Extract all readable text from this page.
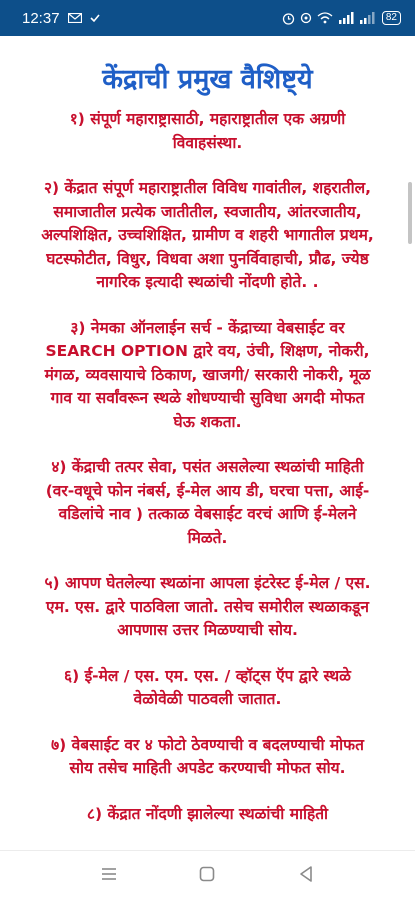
12:37	82
केंद्राची प्रमुख वैशिष्ट्ये
१) संपूर्ण महाराष्ट्रासाठी, महाराष्ट्रातील एक अग्रणी विवाहसंस्था.
२) केंद्रात संपूर्ण महाराष्ट्रातील विविध गावांतील, शहरातील, समाजातील प्रत्येक जातीतील, स्वजातीय, आंतरजातीय, अल्पशिक्षित, उच्चशिक्षित, ग्रामीण व शहरी भागातील प्रथम, घटस्फोटीत, विधुर, विधवा अशा पुनर्विवाहाची, प्रौढ, ज्येष्ठ नागरिक इत्यादी स्थळांची नोंदणी होते. .
३) नेमका ऑनलाईन सर्च - केंद्राच्या वेबसाईट वर SEARCH OPTION द्वारे वय, उंची, शिक्षण, नोकरी, मंगळ, व्यवसायाचे ठिकाण, खाजगी/ सरकारी नोकरी, मूळ गाव या सर्वांवरून स्थळे शोधण्याची सुविधा अगदी मोफत घेऊ शकता.
४) केंद्राची तत्पर सेवा, पसंत असलेल्या स्थळांची माहिती (वर-वधूचे फोन नंबर्स, ई-मेल आय डी, घरचा पत्ता, आई-वडिलांचे नाव ) तत्काळ वेबसाईट वरचं आणि ई-मेलने मिळते.
५) आपण घेतलेल्या स्थळांना आपला इंटरेस्ट ई-मेल / एस. एम. एस. द्वारे पाठविला जातो. तसेच समोरील स्थळाकडून आपणास उत्तर मिळण्याची सोय.
६) ई-मेल / एस. एम. एस. / व्हॉट्स ऍप द्वारे स्थळे वेळोवेळी पाठवली जातात.
७) वेबसाईट वर ४ फोटो ठेवण्याची व बदलण्याची मोफत सोय तसेच माहिती अपडेट करण्याची मोफत सोय.
८) केंद्रात नोंदणी झालेल्या स्थळांची माहिती
